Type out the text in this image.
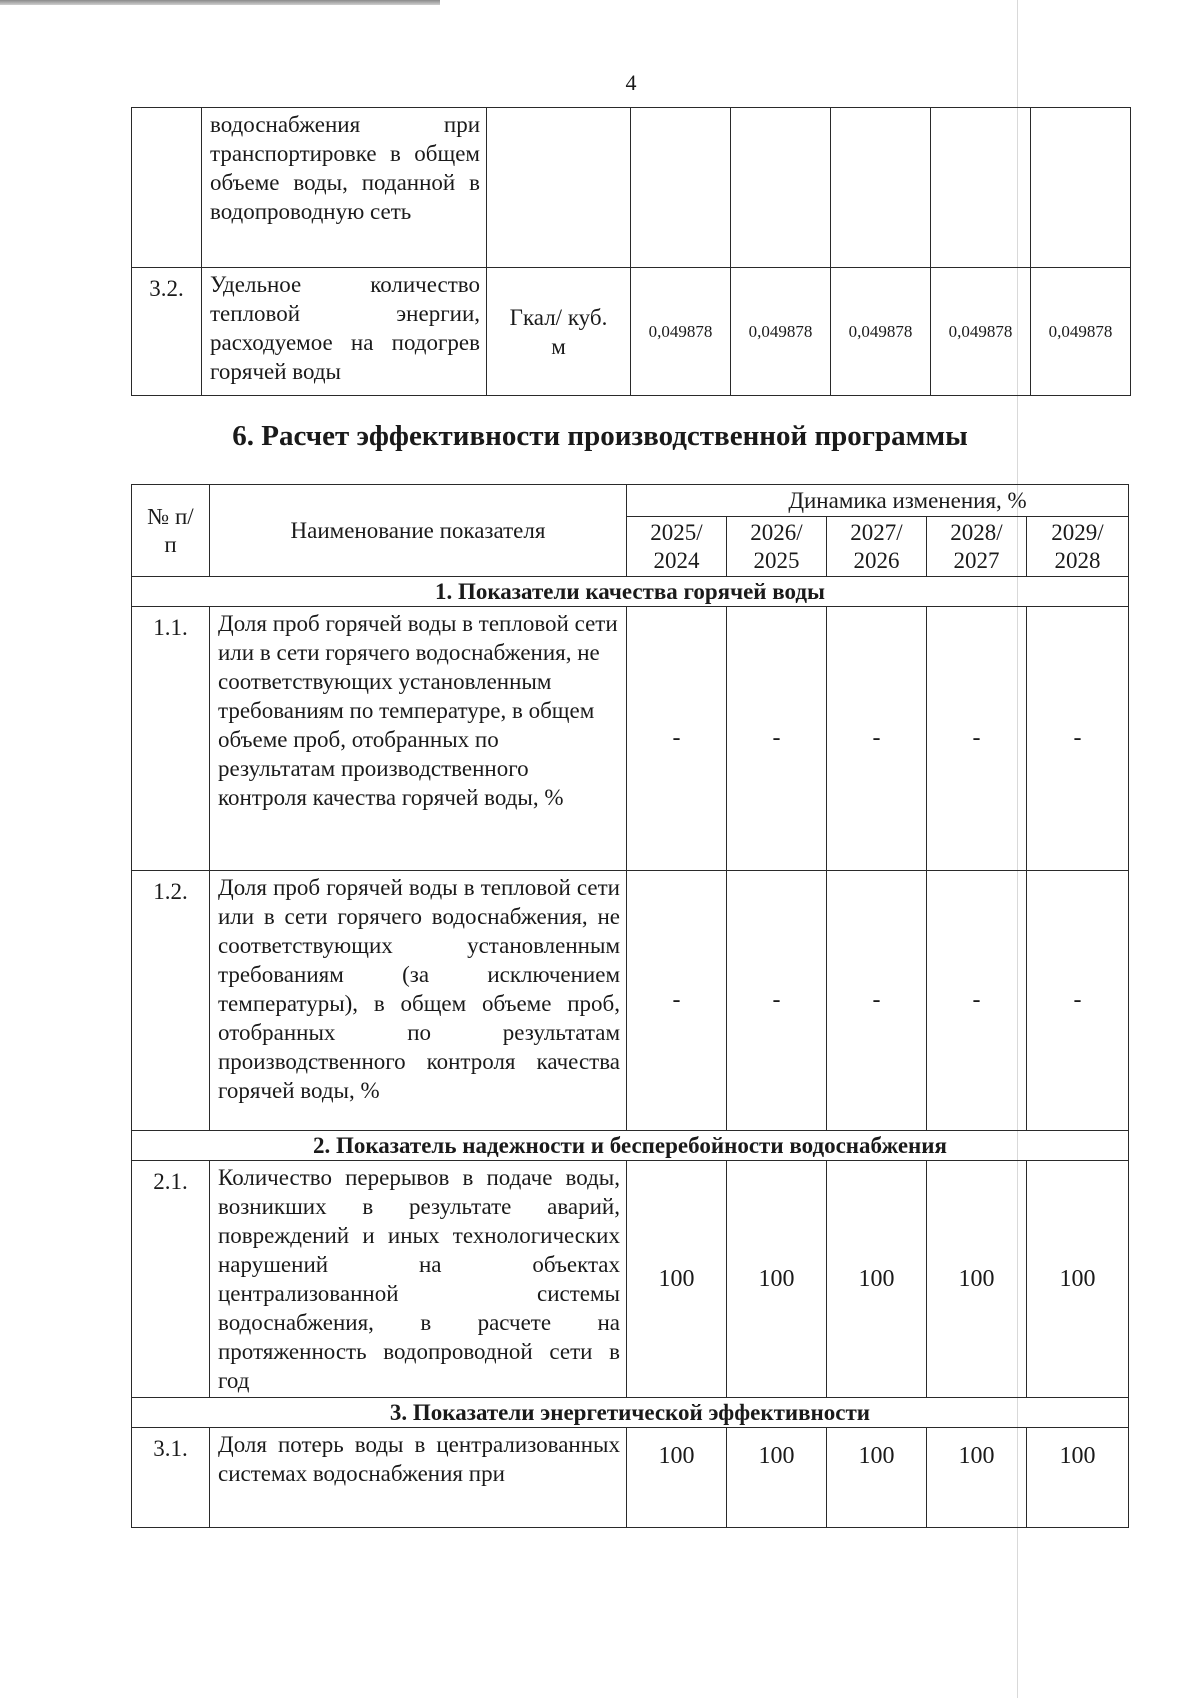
4
	водоснабжения при транспортировке в общем объеме воды, поданной в водопроводную сеть						
3.2.	Удельное количество тепловой энергии, расходуемое на подогрев горячей воды	Гкал/ куб. м	0,049878	0,049878	0,049878	0,049878	0,049878
6. Расчет эффективности производственной программы
№ п/п	Наименование показателя	Динамика изменения, %				
		2025/ 2024	2026/ 2025	2027/ 2026	2028/ 2027	2029/ 2028
1. Показатели качества горячей воды						
1.1.	Доля проб горячей воды в тепловой сети или в сети горячего водоснабжения, не соответствующих установленным требованиям по температуре, в общем объеме проб, отобранных по результатам производственного контроля качества горячей воды, %	-	-	-	-	-
1.2.	Доля проб горячей воды в тепловой сети или в сети горячего водоснабжения, не соответствующих установленным требованиям (за исключением температуры), в общем объеме проб, отобранных по результатам производственного контроля качества горячей воды, %	-	-	-	-	-
2. Показатель надежности и бесперебойности водоснабжения						
2.1.	Количество перерывов в подаче воды, возникших в результате аварий, повреждений и иных технологических нарушений на объектах централизованной системы водоснабжения, в расчете на протяженность водопроводной сети в год	100	100	100	100	100
3. Показатели энергетической эффективности						
3.1.	Доля потерь воды в централизованных системах водоснабжения при	100	100	100	100	100
